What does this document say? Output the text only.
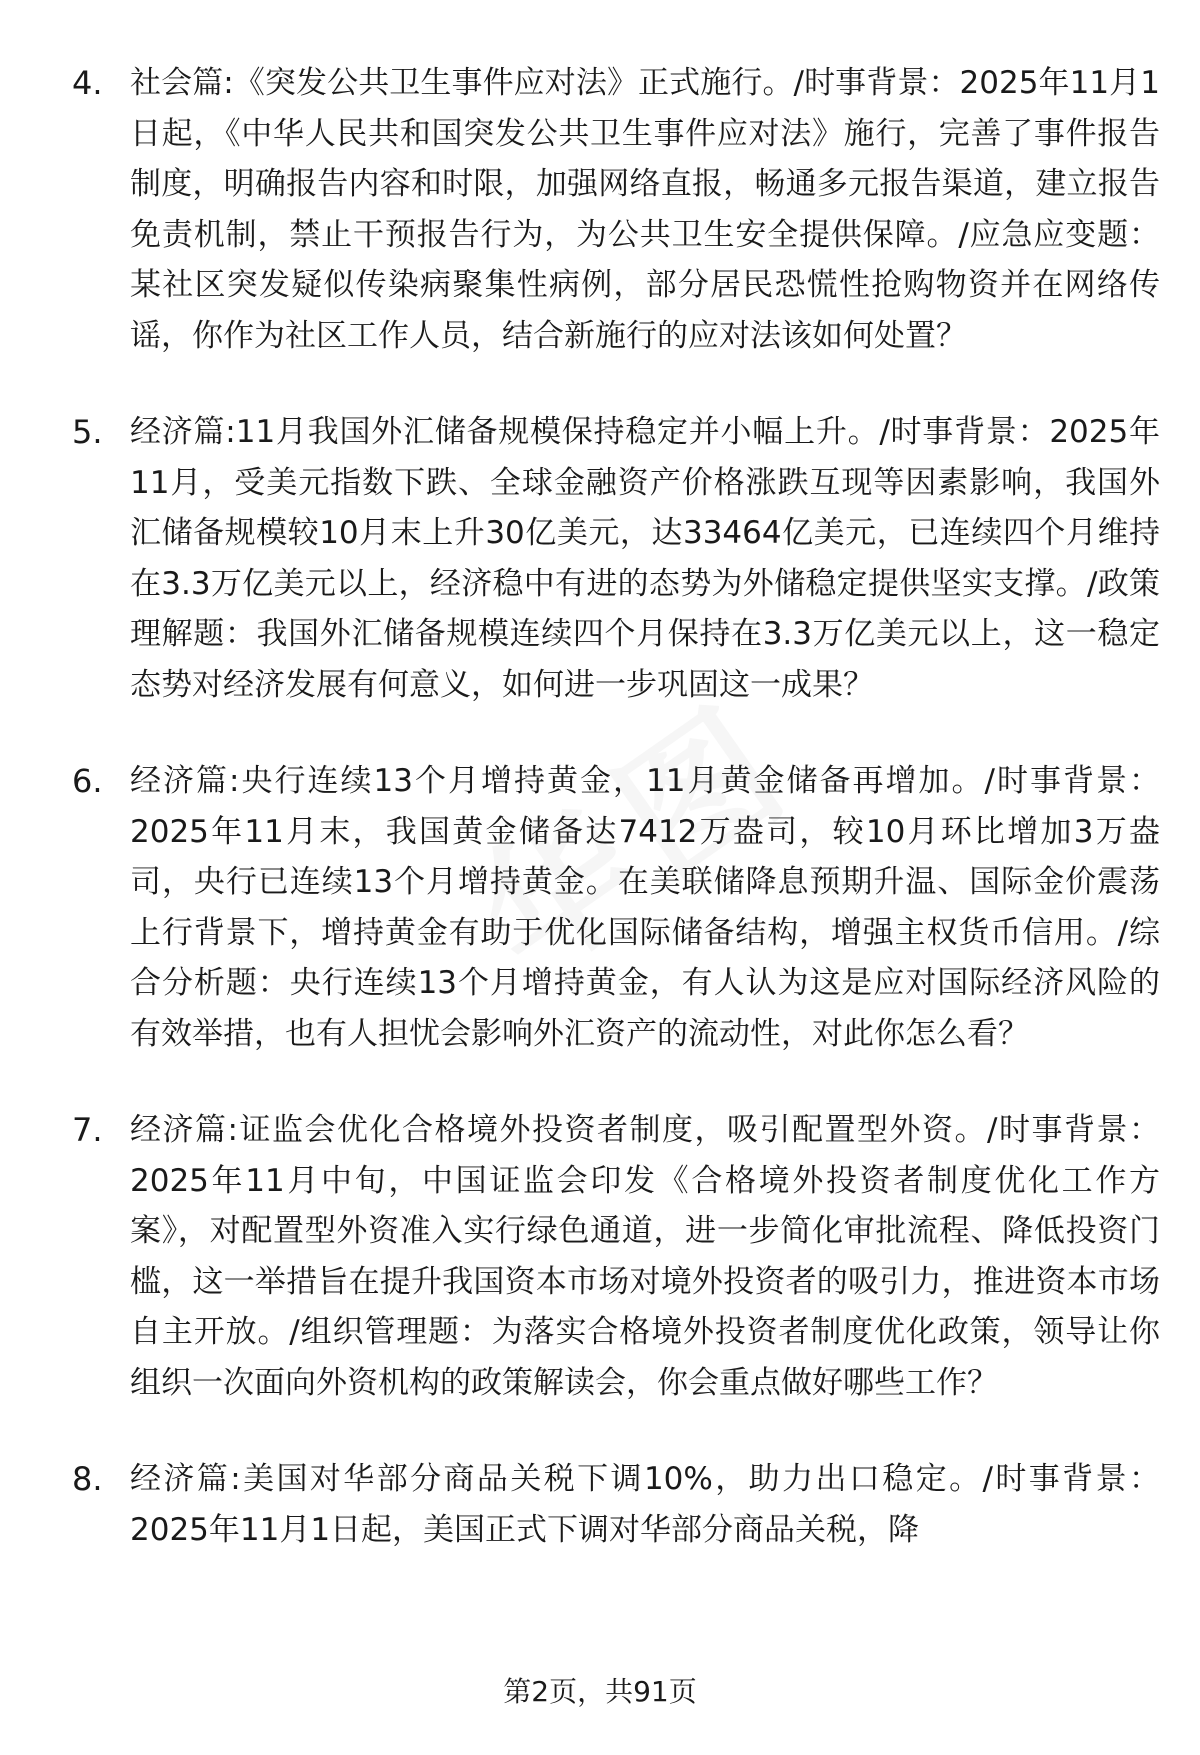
4. 社会篇:《突发公共卫生事件应对法》正式施行。/时事背景：2025年11月1日起，《中华人民共和国突发公共卫生事件应对法》施行，完善了事件报告制度，明确报告内容和时限，加强网络直报，畅通多元报告渠道，建立报告免责机制，禁止干预报告行为，为公共卫生安全提供保障。/应急应变题：某社区突发疑似传染病聚集性病例，部分居民恐慌性抢购物资并在网络传谣，你作为社区工作人员，结合新施行的应对法该如何处置？
5. 经济篇:11月我国外汇储备规模保持稳定并小幅上升。/时事背景：2025年11月，受美元指数下跌、全球金融资产价格涨跌互现等因素影响，我国外汇储备规模较10月末上升30亿美元，达33464亿美元，已连续四个月维持在3.3万亿美元以上，经济稳中有进的态势为外储稳定提供坚实支撑。/政策理解题：我国外汇储备规模连续四个月保持在3.3万亿美元以上，这一稳定态势对经济发展有何意义，如何进一步巩固这一成果？
6. 经济篇:央行连续13个月增持黄金，11月黄金储备再增加。/时事背景：2025年11月末，我国黄金储备达7412万盎司，较10月环比增加3万盎司，央行已连续13个月增持黄金。在美联储降息预期升温、国际金价震荡上行背景下，增持黄金有助于优化国际储备结构，增强主权货币信用。/综合分析题：央行连续13个月增持黄金，有人认为这是应对国际经济风险的有效举措，也有人担忧会影响外汇资产的流动性，对此你怎么看？
7. 经济篇:证监会优化合格境外投资者制度，吸引配置型外资。/时事背景：2025年11月中旬，中国证监会印发《合格境外投资者制度优化工作方案》，对配置型外资准入实行绿色通道，进一步简化审批流程、降低投资门槛，这一举措旨在提升我国资本市场对境外投资者的吸引力，推进资本市场自主开放。/组织管理题：为落实合格境外投资者制度优化政策，领导让你组织一次面向外资机构的政策解读会，你会重点做好哪些工作？
8. 经济篇:美国对华部分商品关税下调10%，助力出口稳定。/时事背景：2025年11月1日起，美国正式下调对华部分商品关税，降
第2页，共91页
